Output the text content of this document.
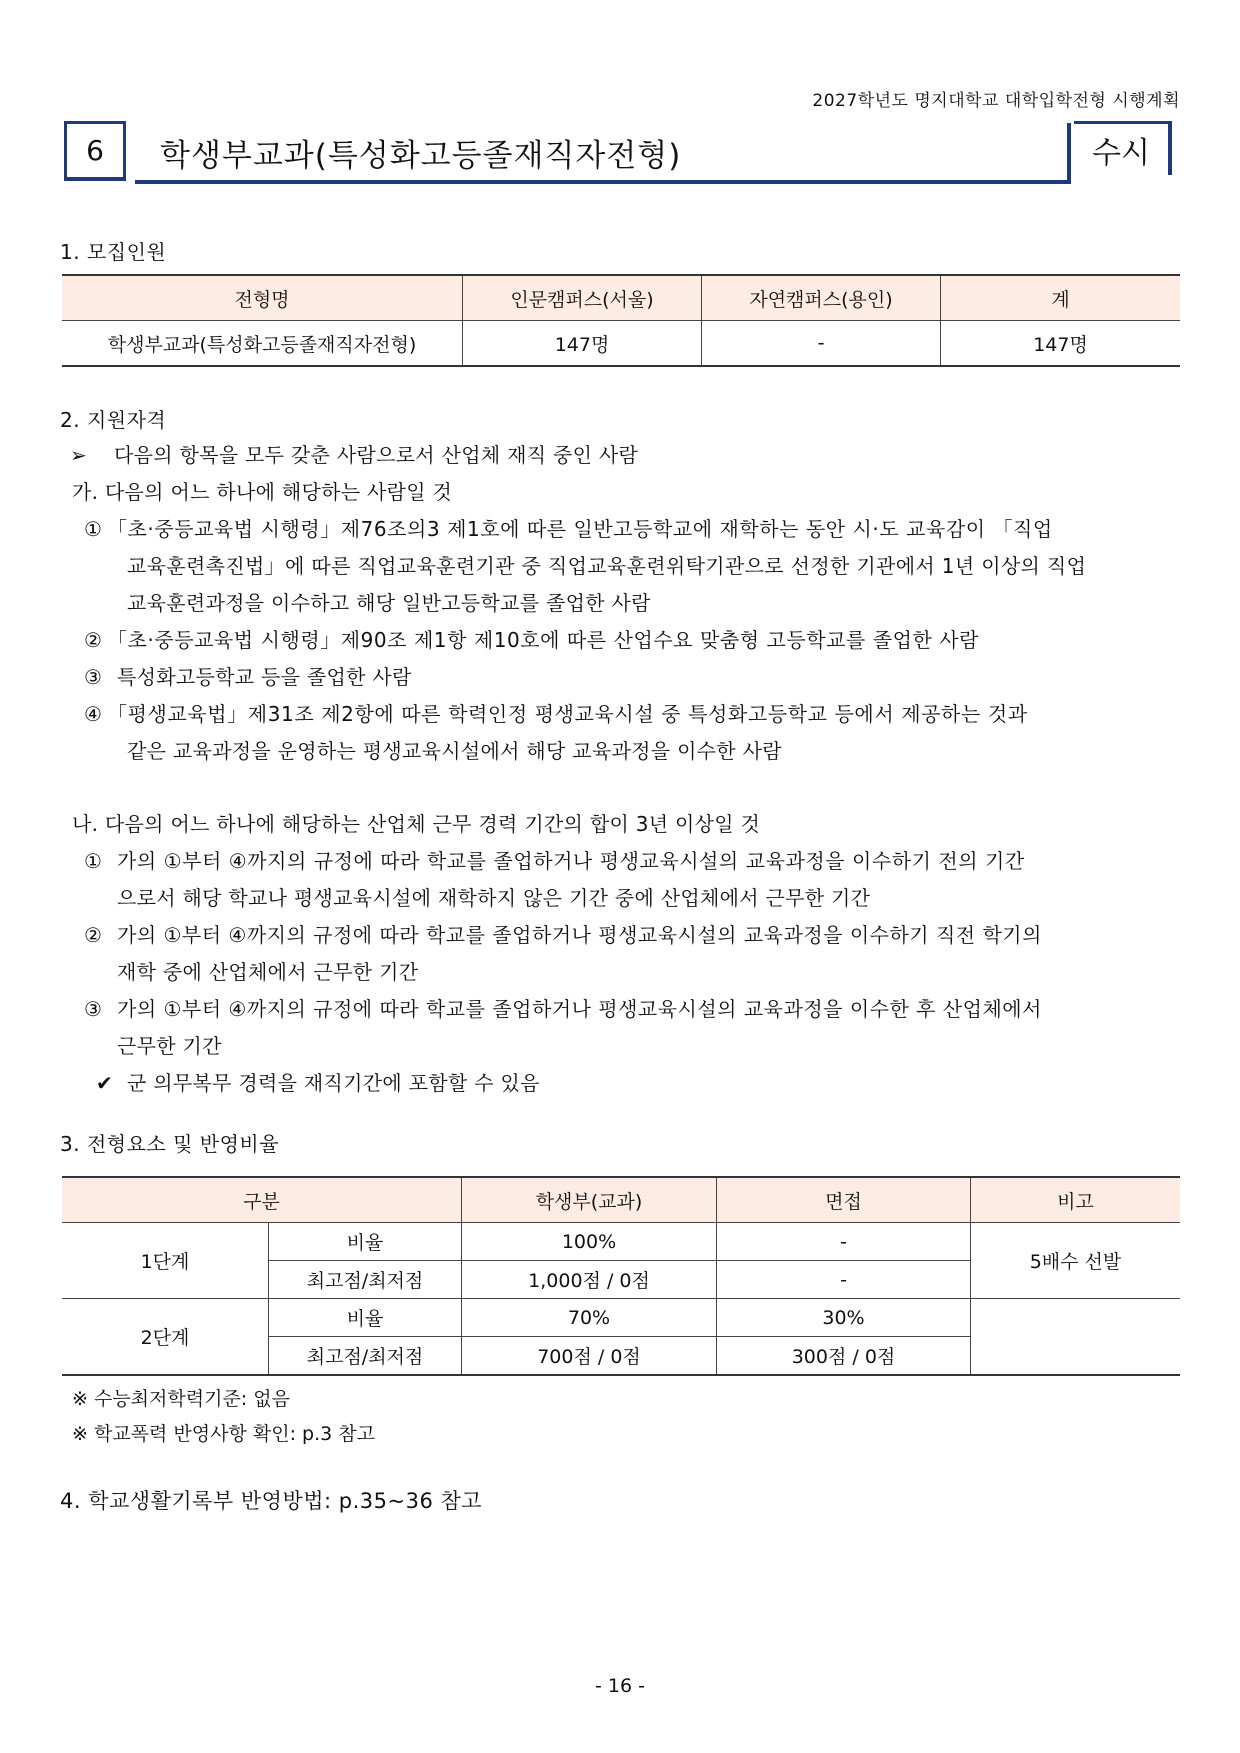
2027학년도 명지대학교 대학입학전형 시행계획
6 학생부교과(특성화고등졸재직자전형)	수시
1. 모집인원
전형명	인문캠퍼스(서울)	자연캠퍼스(용인)	계
학생부교과(특성화고등졸재직자전형)	147명	-	147명
2. 지원자격
➢ 다음의 항목을 모두 갖춘 사람으로서 산업체 재직 중인 사람
가. 다음의 어느 하나에 해당하는 사람일 것
① 「초·중등교육법 시행령」제76조의3 제1호에 따른 일반고등학교에 재학하는 동안 시·도 교육감이 「직업
교육훈련촉진법」에 따른 직업교육훈련기관 중 직업교육훈련위탁기관으로 선정한 기관에서 1년 이상의 직업
교육훈련과정을 이수하고 해당 일반고등학교를 졸업한 사람
② 「초·중등교육법 시행령」제90조 제1항 제10호에 따른 산업수요 맞춤형 고등학교를 졸업한 사람
③ 특성화고등학교 등을 졸업한 사람
④ 「평생교육법」제31조 제2항에 따른 학력인정 평생교육시설 중 특성화고등학교 등에서 제공하는 것과
같은 교육과정을 운영하는 평생교육시설에서 해당 교육과정을 이수한 사람
나. 다음의 어느 하나에 해당하는 산업체 근무 경력 기간의 합이 3년 이상일 것
① 가의 ①부터 ④까지의 규정에 따라 학교를 졸업하거나 평생교육시설의 교육과정을 이수하기 전의 기간
으로서 해당 학교나 평생교육시설에 재학하지 않은 기간 중에 산업체에서 근무한 기간
② 가의 ①부터 ④까지의 규정에 따라 학교를 졸업하거나 평생교육시설의 교육과정을 이수하기 직전 학기의
재학 중에 산업체에서 근무한 기간
③ 가의 ①부터 ④까지의 규정에 따라 학교를 졸업하거나 평생교육시설의 교육과정을 이수한 후 산업체에서
근무한 기간
✔ 군 의무복무 경력을 재직기간에 포함할 수 있음
3. 전형요소 및 반영비율
구분		학생부(교과)	면접	비고
1단계	비율	100%	-	5배수 선발
	최고점/최저점	1,000점 / 0점	-	
2단계	비율	70%	30%	
	최고점/최저점	700점 / 0점	300점 / 0점	
※ 수능최저학력기준: 없음
※ 학교폭력 반영사항 확인: p.3 참고
4. 학교생활기록부 반영방법: p.35~36 참고
- 16 -
